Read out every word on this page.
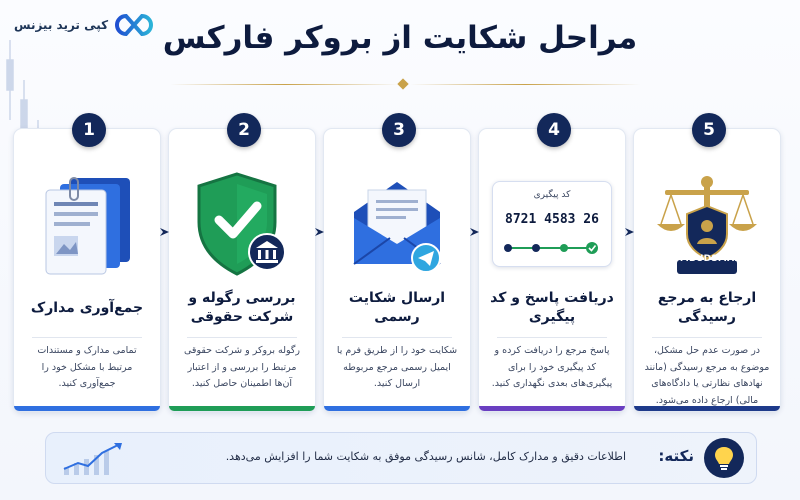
کپی ترید بیزنس	مراحل شکایت از بروکر فارکس
جمع‌آوری مدارک
تمامی مدارک و مستندات مرتبط با مشکل خود را جمع‌آوری کنید.
1
بررسی رگوله و شرکت حقوقی
رگوله بروکر و شرکت حقوقی مرتبط را بررسی و از اعتبار آن‌ها اطمینان حاصل کنید.
2
ارسال شکایت رسمی
شکایت خود را از طریق فرم یا ایمیل رسمی مرجع مربوطه ارسال کنید.
3
کد پیگیری
8721 4583 26
دریافت پاسخ و کد پیگیری
پاسخ مرجع را دریافت کرده و کد پیگیری خود را برای پیگیری‌های بعدی نگهداری کنید.
4
OMBUDSMAN
ارجاع به مرجع رسیدگی
در صورت عدم حل مشکل، موضوع به مرجع رسیدگی (مانند نهادهای نظارتی یا دادگاه‌های مالی) ارجاع داده می‌شود.
5
نکته:
اطلاعات دقیق و مدارک کامل، شانس رسیدگی موفق به شکایت شما را افزایش می‌دهد.
